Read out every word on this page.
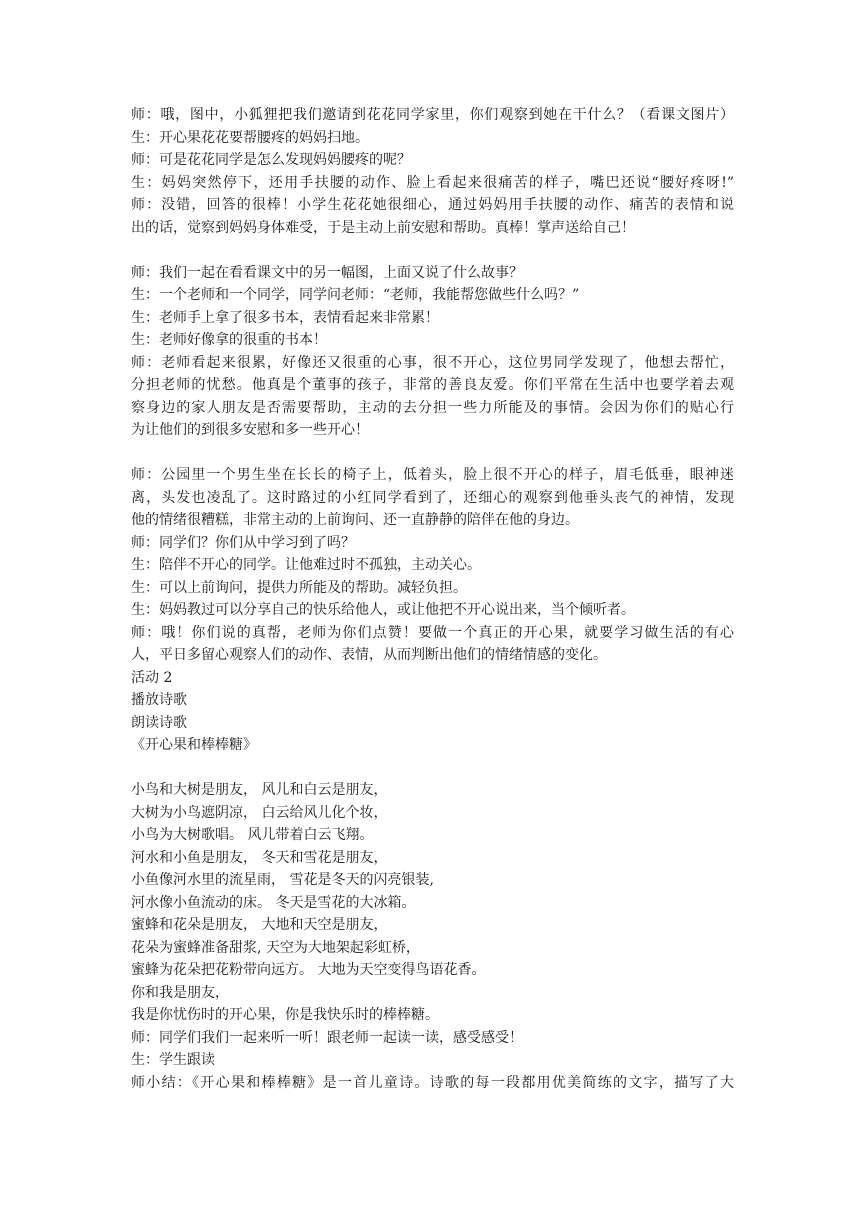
师：哦，图中，小狐狸把我们邀请到花花同学家里，你们观察到她在干什么？（看课文图片）
生：开心果花花要帮腰疼的妈妈扫地。
师：可是花花同学是怎么发现妈妈腰疼的呢？
生：妈妈突然停下，还用手扶腰的动作、脸上看起来很痛苦的样子，嘴巴还说“腰好疼呀!”
师：没错，回答的很棒！小学生花花她很细心，通过妈妈用手扶腰的动作、痛苦的表情和说
出的话，觉察到妈妈身体难受，于是主动上前安慰和帮助。真棒！掌声送给自己！
师：我们一起在看看课文中的另一幅图，上面又说了什么故事？
生：一个老师和一个同学，同学问老师：“老师，我能帮您做些什么吗？”
生：老师手上拿了很多书本，表情看起来非常累！
生：老师好像拿的很重的书本！
师：老师看起来很累，好像还又很重的心事，很不开心，这位男同学发现了，他想去帮忙，
分担老师的忧愁。他真是个董事的孩子，非常的善良友爱。你们平常在生活中也要学着去观
察身边的家人朋友是否需要帮助，主动的去分担一些力所能及的事情。会因为你们的贴心行
为让他们的到很多安慰和多一些开心！
师：公园里一个男生坐在长长的椅子上，低着头，脸上很不开心的样子，眉毛低垂，眼神迷
离，头发也凌乱了。这时路过的小红同学看到了，还细心的观察到他垂头丧气的神情，发现
他的情绪很糟糕，非常主动的上前询问、还一直静静的陪伴在他的身边。
师：同学们？你们从中学习到了吗？
生：陪伴不开心的同学。让他难过时不孤独，主动关心。
生：可以上前询问，提供力所能及的帮助。减轻负担。
生：妈妈教过可以分享自己的快乐给他人，或让他把不开心说出来，当个倾听者。
师：哦！你们说的真帮，老师为你们点赞！要做一个真正的开心果，就要学习做生活的有心
人，平日多留心观察人们的动作、表情，从而判断出他们的情绪情感的变化。
活动 2
播放诗歌
朗读诗歌
《开心果和棒棒糖》
小鸟和大树是朋友， 风儿和白云是朋友，
大树为小鸟遮阴凉， 白云给风儿化个妆，
小鸟为大树歌唱。 风儿带着白云飞翔。
河水和小鱼是朋友， 冬天和雪花是朋友，
小鱼像河水里的流星雨， 雪花是冬天的闪亮银装,
河水像小鱼流动的床。 冬天是雪花的大冰箱。
蜜蜂和花朵是朋友， 大地和天空是朋友，
花朵为蜜蜂准备甜浆, 天空为大地架起彩虹桥，
蜜蜂为花朵把花粉带向远方。 大地为天空变得鸟语花香。
你和我是朋友，
我是你忧伤时的开心果，你是我快乐时的棒棒糖。
师：同学们我们一起来听一听！跟老师一起读一读，感受感受！
生：学生跟读
师小结：《开心果和棒棒糖》是一首儿童诗。诗歌的每一段都用优美简练的文字，描写了大
